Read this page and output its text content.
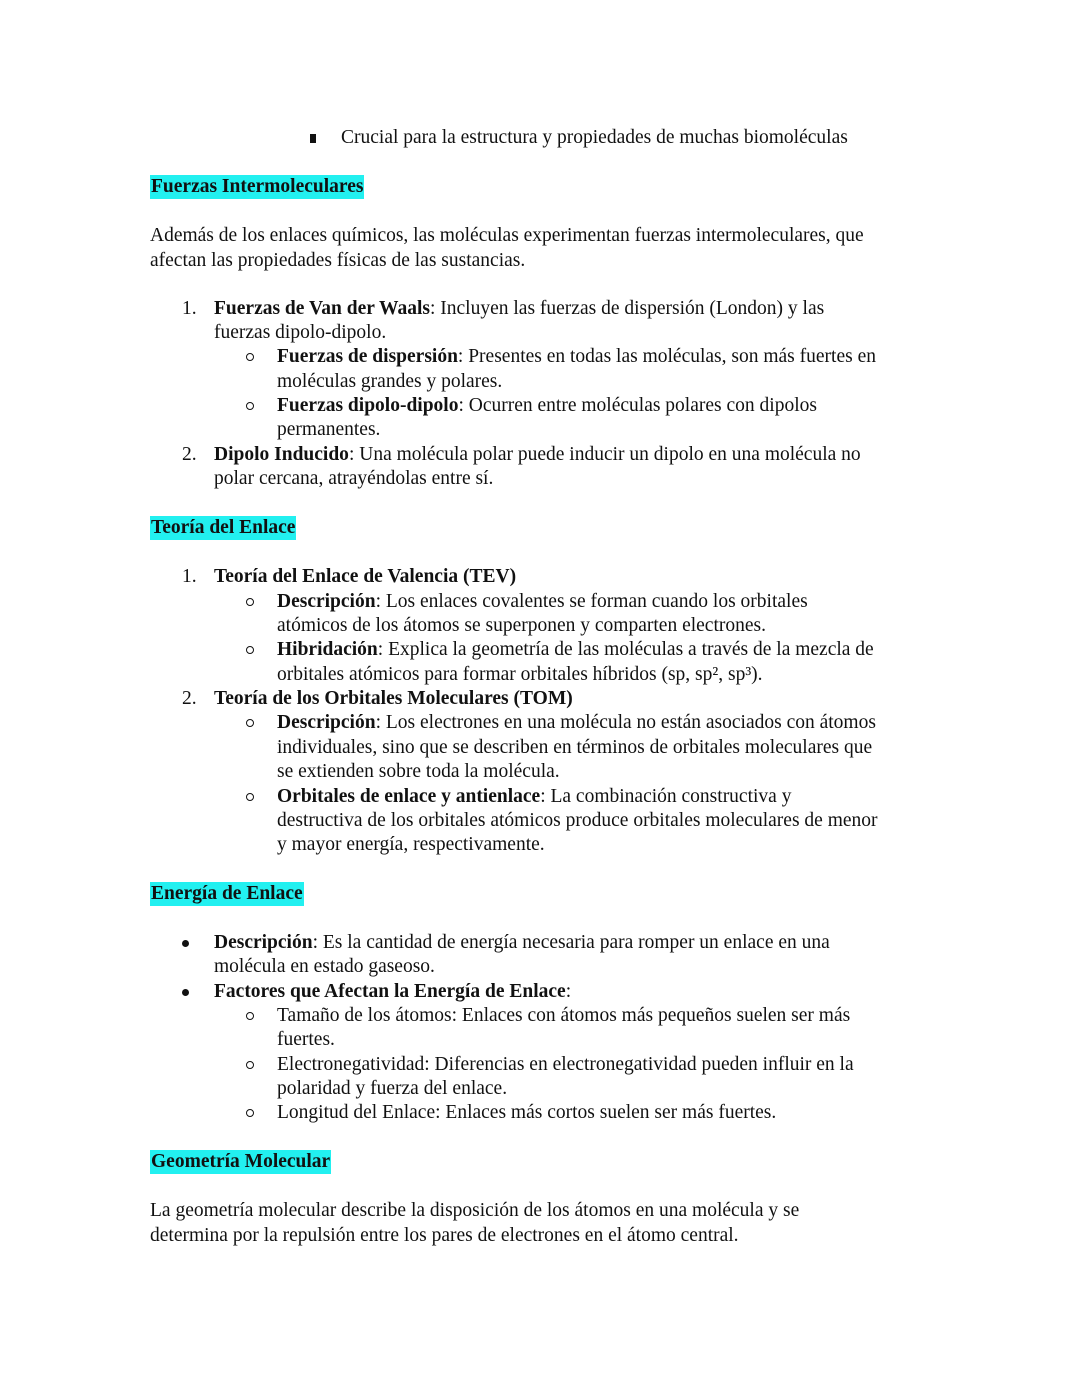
Crucial para la estructura y propiedades de muchas biomoléculas
Fuerzas Intermoleculares
Además de los enlaces químicos, las moléculas experimentan fuerzas intermoleculares, que
afectan las propiedades físicas de las sustancias.
1. Fuerzas de Van der Waals: Incluyen las fuerzas de dispersión (London) y las
fuerzas dipolo-dipolo.
Fuerzas de dispersión: Presentes en todas las moléculas, son más fuertes en
moléculas grandes y polares.
Fuerzas dipolo-dipolo: Ocurren entre moléculas polares con dipolos
permanentes.
2. Dipolo Inducido: Una molécula polar puede inducir un dipolo en una molécula no
polar cercana, atrayéndolas entre sí.
Teoría del Enlace
1. Teoría del Enlace de Valencia (TEV)
Descripción: Los enlaces covalentes se forman cuando los orbitales
atómicos de los átomos se superponen y comparten electrones.
Hibridación: Explica la geometría de las moléculas a través de la mezcla de
orbitales atómicos para formar orbitales híbridos (sp, sp², sp³).
2. Teoría de los Orbitales Moleculares (TOM)
Descripción: Los electrones en una molécula no están asociados con átomos
individuales, sino que se describen en términos de orbitales moleculares que
se extienden sobre toda la molécula.
Orbitales de enlace y antienlace: La combinación constructiva y
destructiva de los orbitales atómicos produce orbitales moleculares de menor
y mayor energía, respectivamente.
Energía de Enlace
Descripción: Es la cantidad de energía necesaria para romper un enlace en una
molécula en estado gaseoso.
Factores que Afectan la Energía de Enlace:
Tamaño de los átomos: Enlaces con átomos más pequeños suelen ser más
fuertes.
Electronegatividad: Diferencias en electronegatividad pueden influir en la
polaridad y fuerza del enlace.
Longitud del Enlace: Enlaces más cortos suelen ser más fuertes.
Geometría Molecular
La geometría molecular describe la disposición de los átomos en una molécula y se
determina por la repulsión entre los pares de electrones en el átomo central.
